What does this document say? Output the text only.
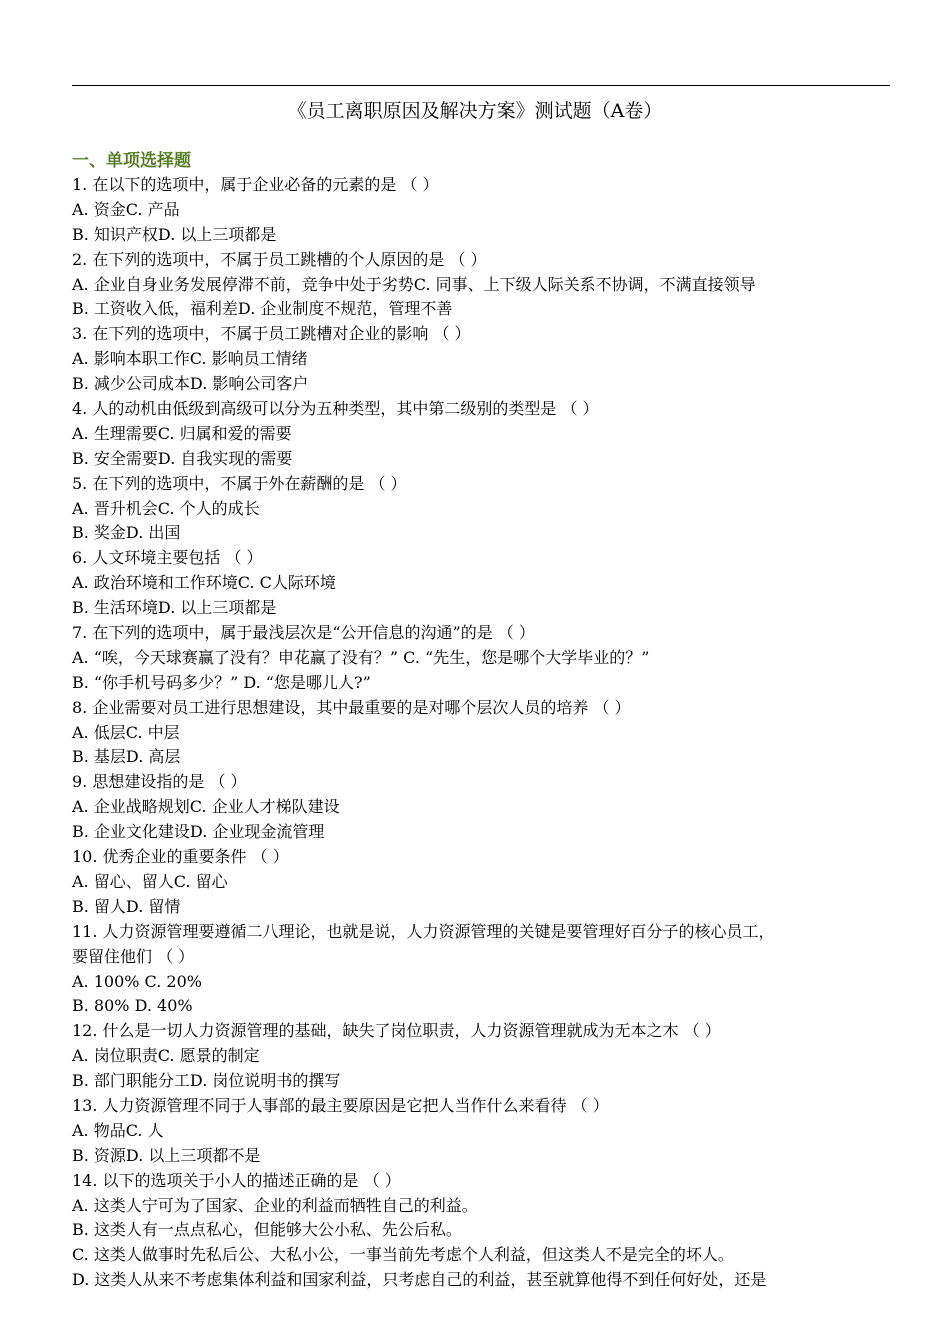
《员工离职原因及解决方案》测试题（A卷）
一、单项选择题
1. 在以下的选项中，属于企业必备的元素的是 （ ）
A. 资金C. 产品
B. 知识产权D. 以上三项都是
2. 在下列的选项中，不属于员工跳槽的个人原因的是 （ ）
A. 企业自身业务发展停滞不前，竞争中处于劣势C. 同事、上下级人际关系不协调，不满直接领导
B. 工资收入低，福利差D. 企业制度不规范，管理不善
3. 在下列的选项中，不属于员工跳槽对企业的影响 （ ）
A. 影响本职工作C. 影响员工情绪
B. 减少公司成本D. 影响公司客户
4. 人的动机由低级到高级可以分为五种类型，其中第二级别的类型是 （ ）
A. 生理需要C. 归属和爱的需要
B. 安全需要D. 自我实现的需要
5. 在下列的选项中，不属于外在薪酬的是 （ ）
A. 晋升机会C. 个人的成长
B. 奖金D. 出国
6. 人文环境主要包括 （ ）
A. 政治环境和工作环境C. C人际环境
B. 生活环境D. 以上三项都是
7. 在下列的选项中，属于最浅层次是“公开信息的沟通”的是 （ ）
A. “唉，今天球赛赢了没有？申花赢了没有？” C. “先生，您是哪个大学毕业的？”
B. “你手机号码多少？” D. “您是哪儿人?”
8. 企业需要对员工进行思想建设，其中最重要的是对哪个层次人员的培养 （ ）
A. 低层C. 中层
B. 基层D. 高层
9. 思想建设指的是 （ ）
A. 企业战略规划C. 企业人才梯队建设
B. 企业文化建设D. 企业现金流管理
10. 优秀企业的重要条件 （ ）
A. 留心、留人C. 留心
B. 留人D. 留情
11. 人力资源管理要遵循二八理论，也就是说，人力资源管理的关键是要管理好百分子的核心员工，
要留住他们 （ ）
A. 100% C. 20%
B. 80% D. 40%
12. 什么是一切人力资源管理的基础，缺失了岗位职责，人力资源管理就成为无本之木 （ ）
A. 岗位职责C. 愿景的制定
B. 部门职能分工D. 岗位说明书的撰写
13. 人力资源管理不同于人事部的最主要原因是它把人当作什么来看待 （ ）
A. 物品C. 人
B. 资源D. 以上三项都不是
14. 以下的选项关于小人的描述正确的是 （ ）
A. 这类人宁可为了国家、企业的利益而牺牲自己的利益。
B. 这类人有一点点私心，但能够大公小私、先公后私。
C. 这类人做事时先私后公、大私小公，一事当前先考虑个人利益，但这类人不是完全的坏人。
D. 这类人从来不考虑集体利益和国家利益，只考虑自己的利益，甚至就算他得不到任何好处，还是
